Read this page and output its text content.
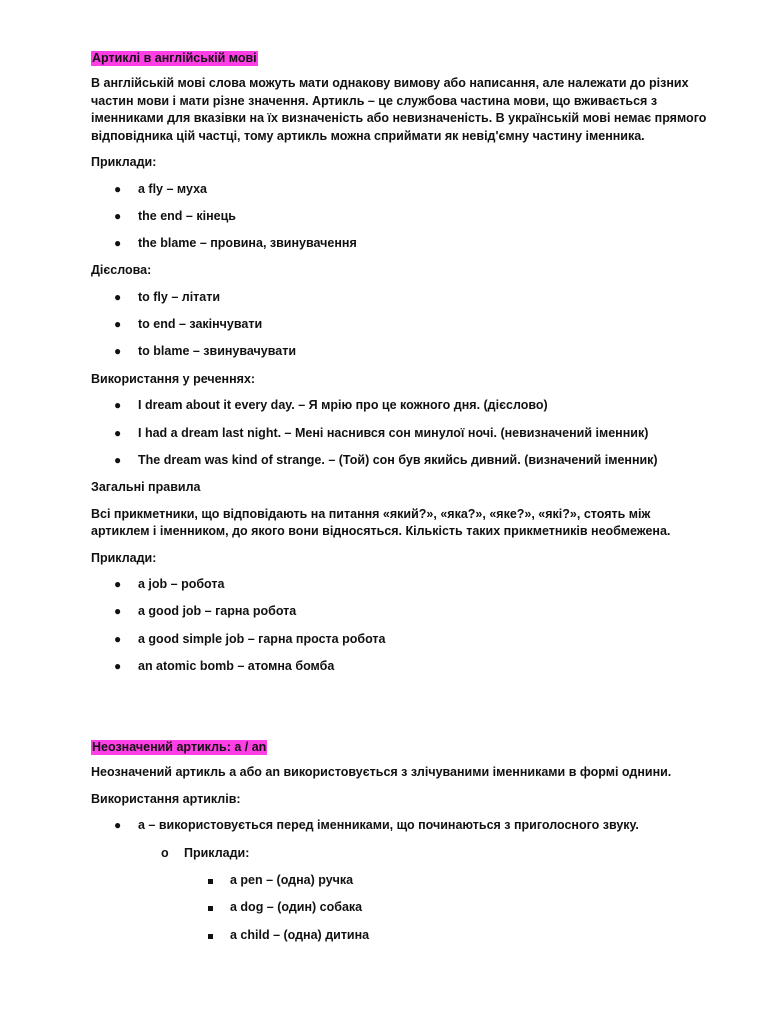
Артиклі в англійській мові

В англійській мові слова можуть мати однакову вимову або написання, але належати до різних частин мови і мати різне значення. Артикль – це службова частина мови, що вживається з іменниками для вказівки на їх визначеність або невизначеність. В українській мові немає прямого відповідника цій частці, тому артикль можна сприймати як невід'ємну частину іменника.

Приклади:

● a fly – муха
● the end – кінець
● the blame – провина, звинувачення

Дієслова:

● to fly – літати
● to end – закінчувати
● to blame – звинувачувати

Використання у реченнях:

● I dream about it every day. – Я мрію про це кожного дня. (дієслово)
● I had a dream last night. – Мені наснився сон минулої ночі. (невизначений іменник)
● The dream was kind of strange. – (Той) сон був якийсь дивний. (визначений іменник)

Загальні правила

Всі прикметники, що відповідають на питання «який?», «яка?», «яке?», «які?», стоять між артиклем і іменником, до якого вони відносяться. Кількість таких прикметників необмежена.

Приклади:

● a job – робота
● a good job – гарна робота
● a good simple job – гарна проста робота
● an atomic bomb – атомна бомба
Неозначений артикль: a / an

Неозначений артикль a або an використовується з злічуваними іменниками в формі однини.

Використання артиклів:

● a – використовується перед іменниками, що починаються з приголосного звуку.
o Приклади:
a pen – (одна) ручка
a dog – (один) собака
a child – (одна) дитина
